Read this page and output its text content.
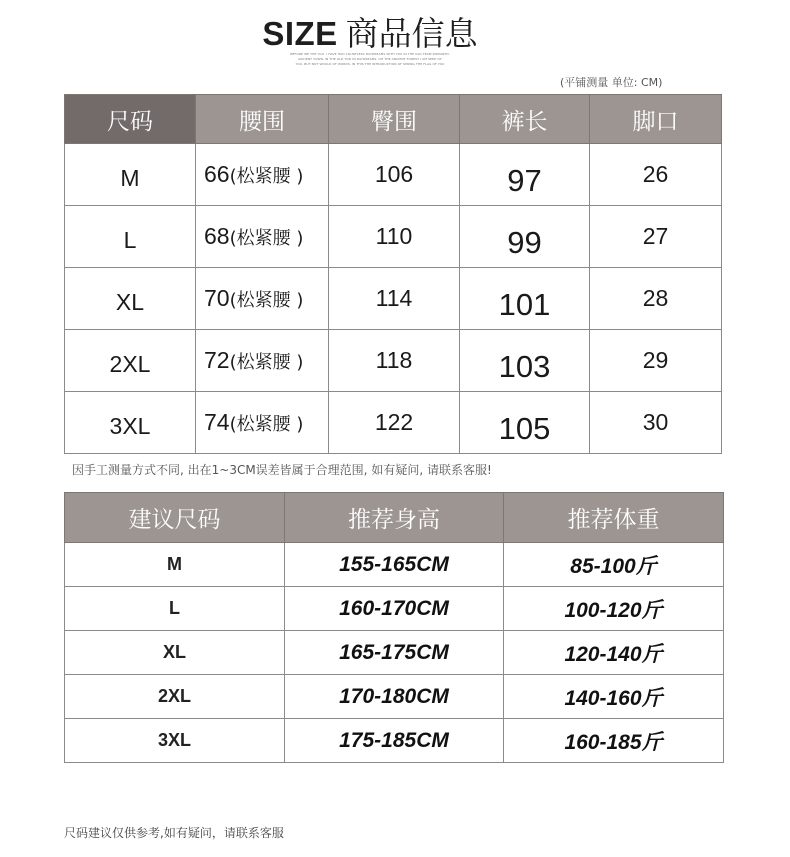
SIZE 商品信息
BEFORE WE THE YOU. I HAVE HAD COUNTLESS DAYDREAMS WITH YOU IN THE OLD TEAM ROMANTIC
ANCIENT TOWN. IN THE OLD TOD IN DAYDREAMS. OH THE ANCIENT FOREST I AM SEED OF
YOU, BUT NOT WOULD OF WORDS. IN THIS THE INTRODUCTION OF SPRING THE FLAG OF YOU
(平铺测量 单位: CM)
尺码	腰围	臀围	裤长	脚口
M	66(松紧腰 )	106	97	26
L	68(松紧腰 )	110	99	27
XL	70(松紧腰 )	114	101	28
2XL	72(松紧腰 )	118	103	29
3XL	74(松紧腰 )	122	105	30
因手工测量方式不同, 出在1~3CM误差皆属于合理范围, 如有疑问, 请联系客服!
建议尺码	推荐身高	推荐体重
M	155-165CM	85-100斤
L	160-170CM	100-120斤
XL	165-175CM	120-140斤
2XL	170-180CM	140-160斤
3XL	175-185CM	160-185斤
尺码建议仅供参考,如有疑问，请联系客服
